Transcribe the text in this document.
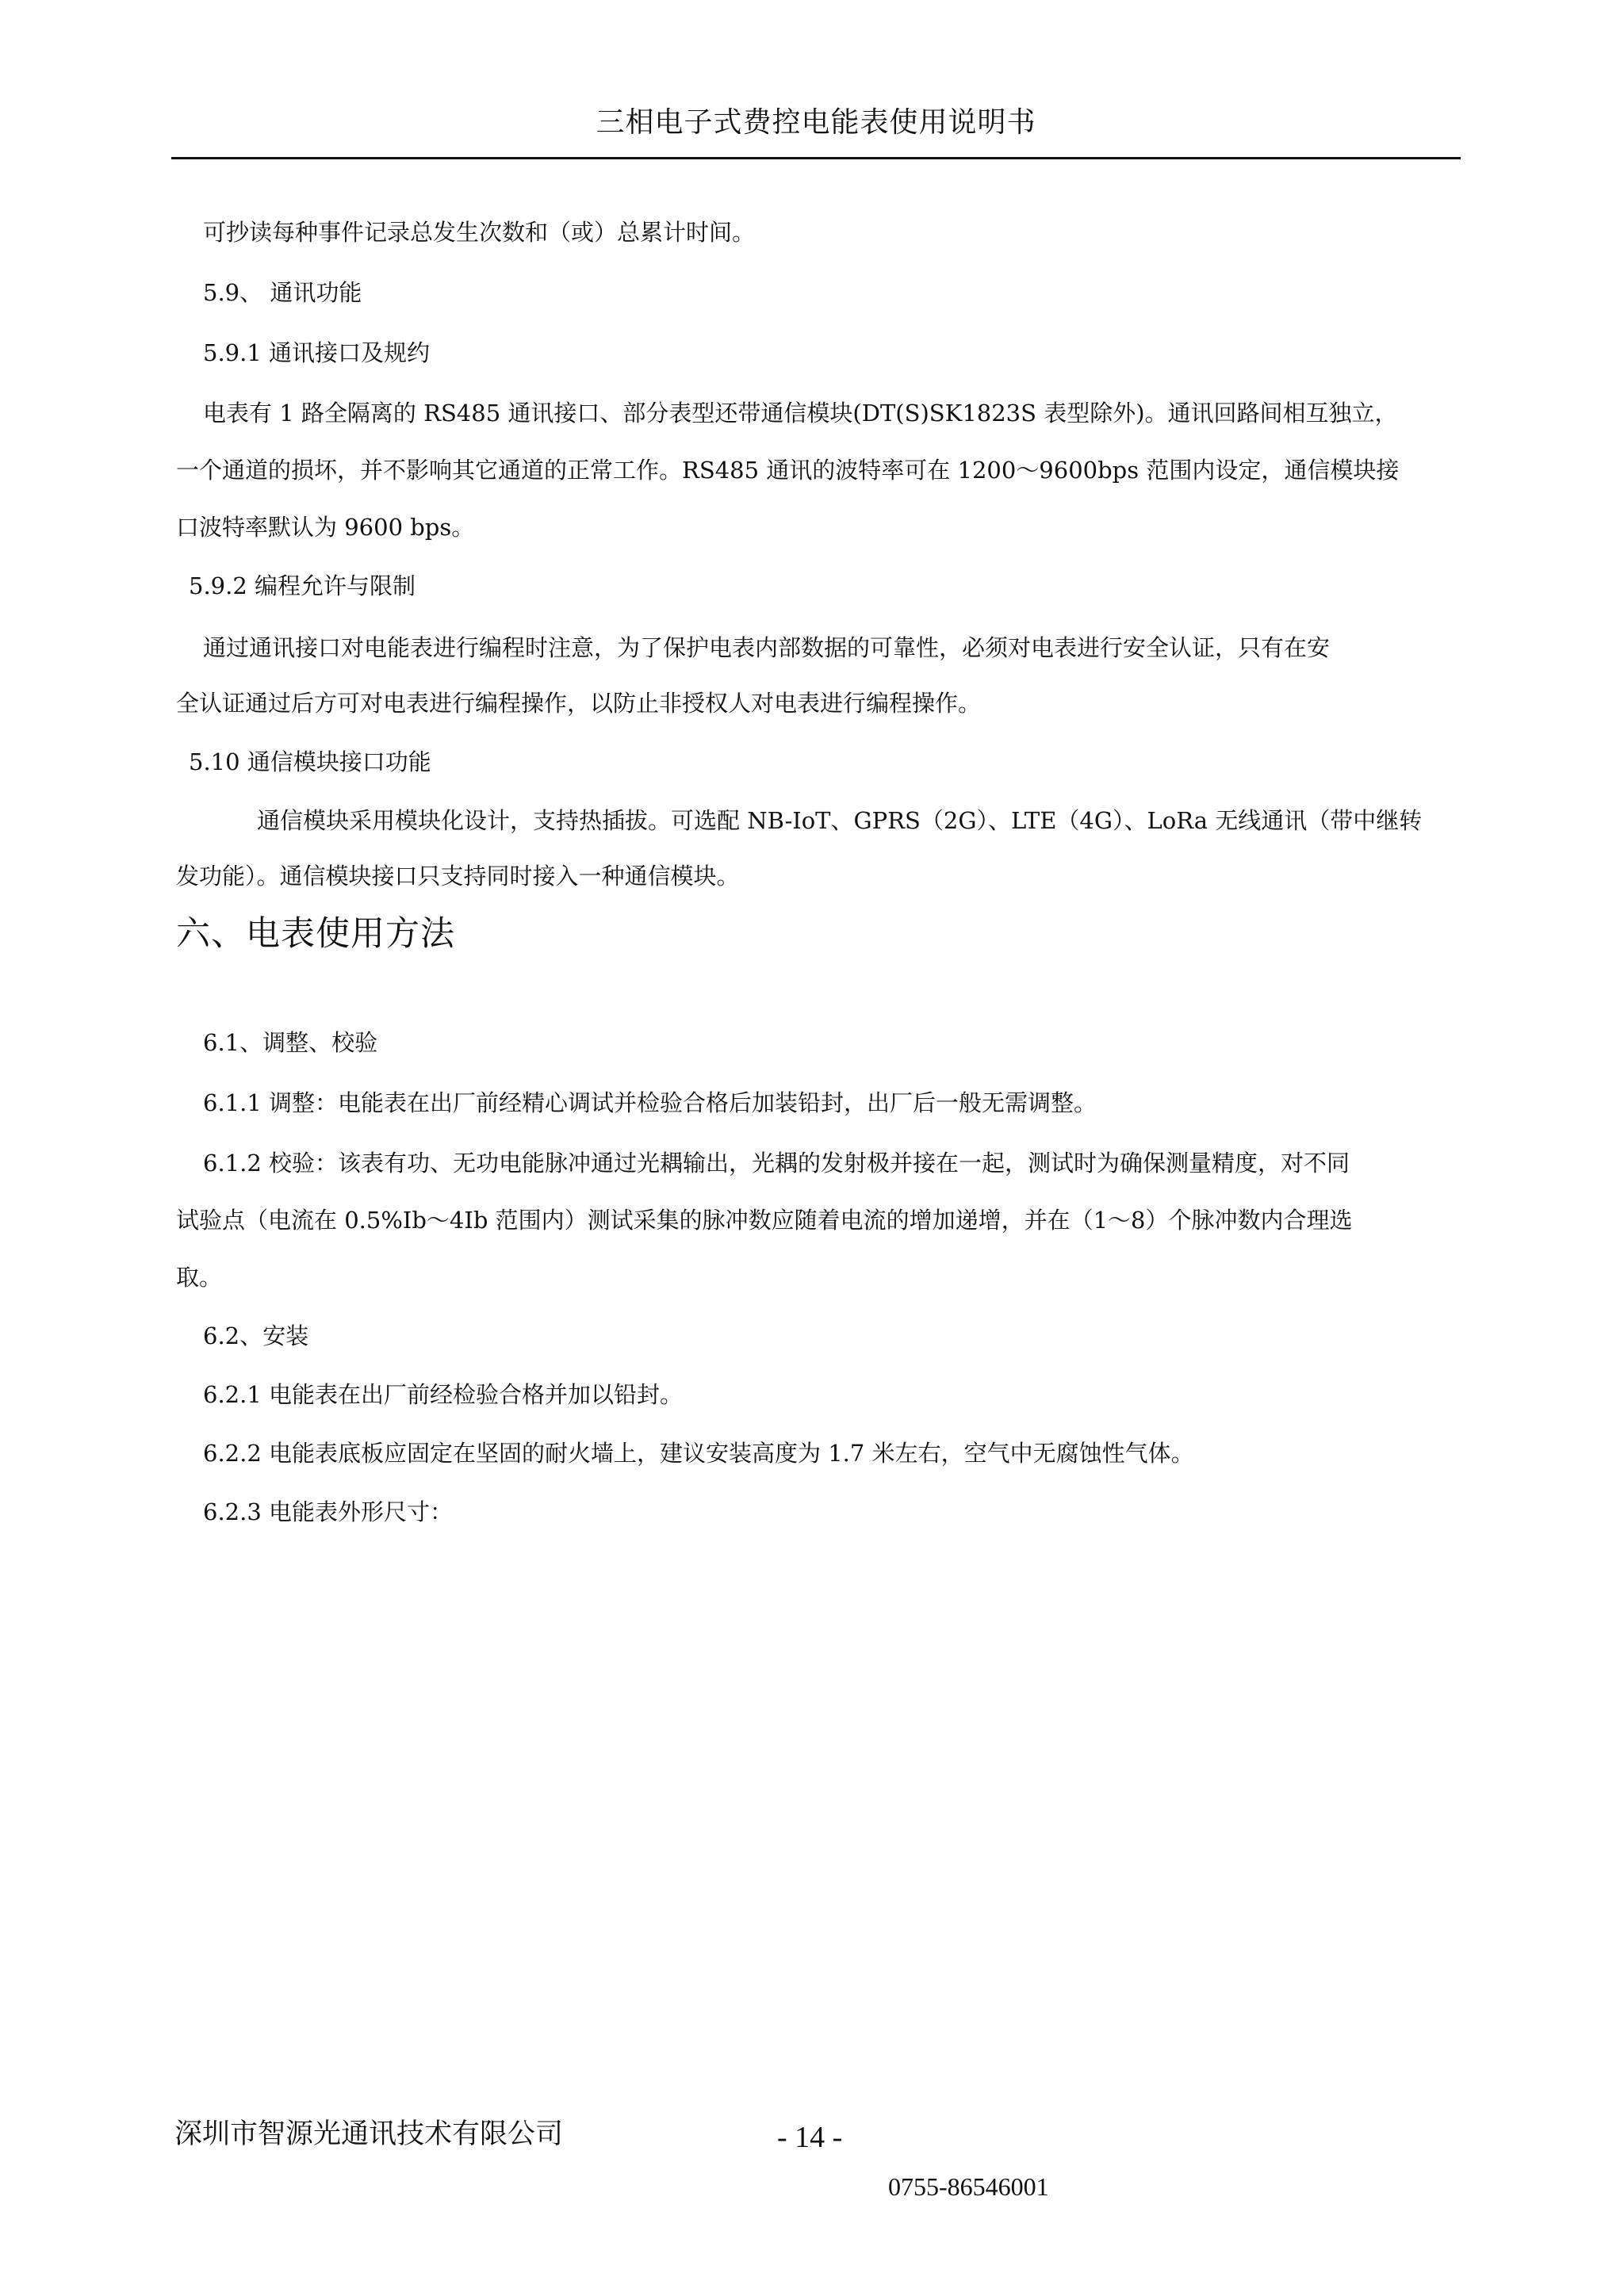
三相电子式费控电能表使用说明书
可抄读每种事件记录总发生次数和（或）总累计时间。
5.9、 通讯功能
5.9.1 通讯接口及规约
电表有 1 路全隔离的 RS485 通讯接口、部分表型还带通信模块(DT(S)SK1823S 表型除外)。通讯回路间相互独立，
一个通道的损坏，并不影响其它通道的正常工作。RS485 通讯的波特率可在 1200～9600bps 范围内设定，通信模块接
口波特率默认为 9600 bps。
5.9.2 编程允许与限制
通过通讯接口对电能表进行编程时注意，为了保护电表内部数据的可靠性，必须对电表进行安全认证，只有在安
全认证通过后方可对电表进行编程操作，以防止非授权人对电表进行编程操作。
5.10 通信模块接口功能
通信模块采用模块化设计，支持热插拔。可选配 NB-IoT、GPRS（2G）、LTE（4G）、LoRa 无线通讯（带中继转
发功能）。通信模块接口只支持同时接入一种通信模块。
六、电表使用方法
6.1、调整、校验
6.1.1 调整：电能表在出厂前经精心调试并检验合格后加装铅封，出厂后一般无需调整。
6.1.2 校验：该表有功、无功电能脉冲通过光耦输出，光耦的发射极并接在一起，测试时为确保测量精度，对不同
试验点（电流在 0.5%Ib～4Ib 范围内）测试采集的脉冲数应随着电流的增加递增，并在（1～8）个脉冲数内合理选
取。
6.2、安装
6.2.1 电能表在出厂前经检验合格并加以铅封。
6.2.2 电能表底板应固定在坚固的耐火墙上，建议安装高度为 1.7 米左右，空气中无腐蚀性气体。
6.2.3 电能表外形尺寸：
深圳市智源光通讯技术有限公司	- 14 -
0755-86546001
